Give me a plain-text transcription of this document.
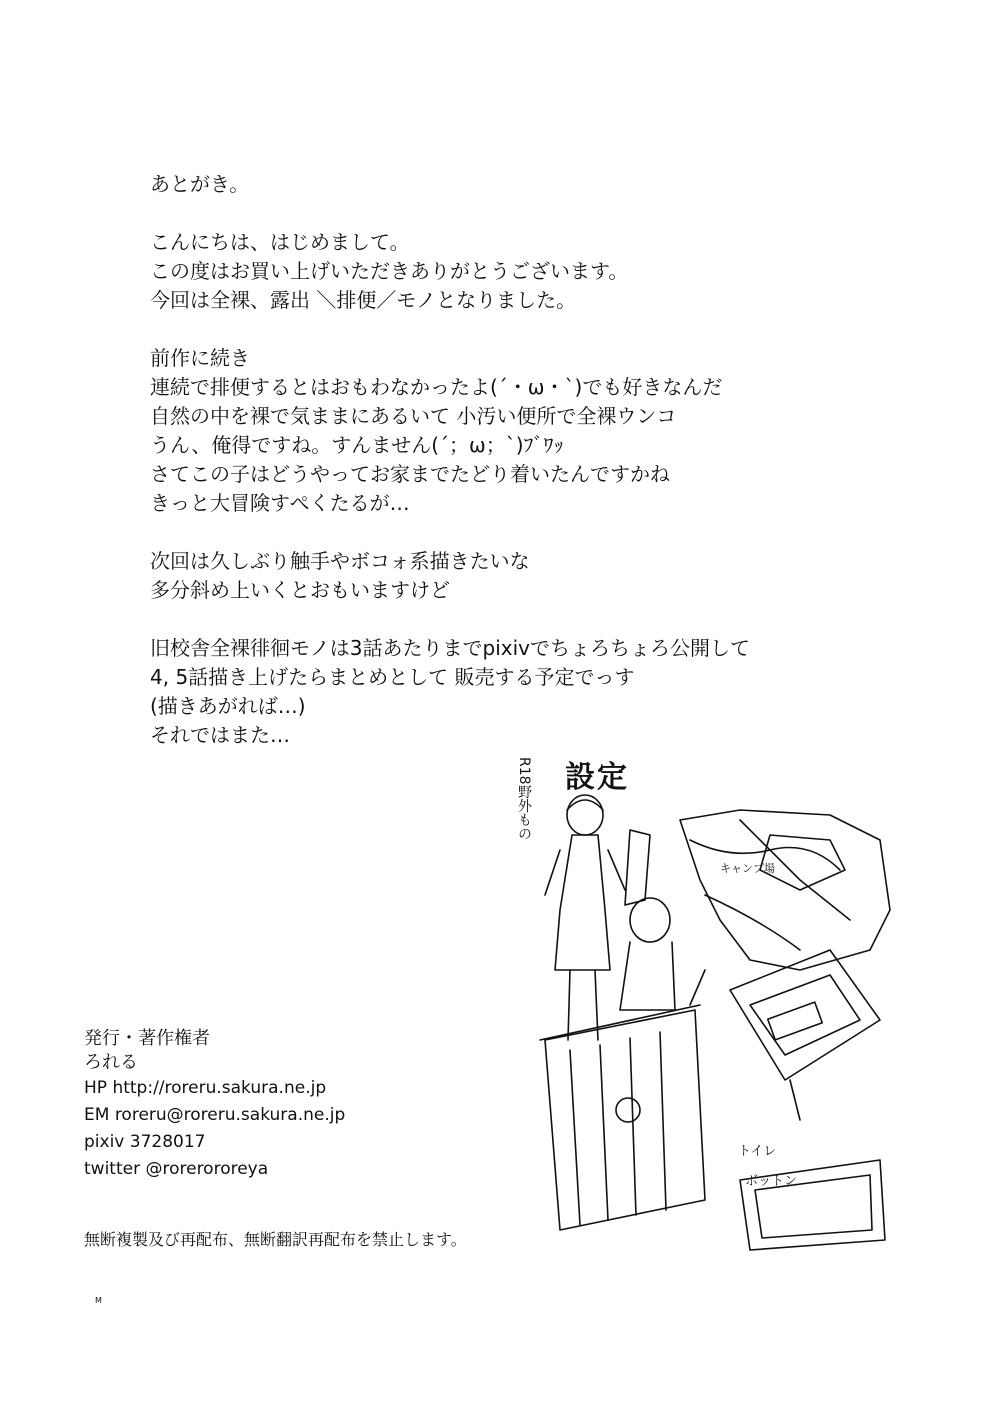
あとがき。
こんにちは、はじめまして。
この度はお買い上げいただきありがとうございます。
今回は全裸、露出 ＼排便／モノとなりました。
前作に続き
連続で排便するとはおもわなかったよ(´・ω・`)でも好きなんだ
自然の中を裸で気ままにあるいて 小汚い便所で全裸ウンコ
うん、俺得ですね。すんません(´；ω；`)ﾌﾞﾜｯ
さてこの子はどうやってお家までたどり着いたんですかね
きっと大冒険すぺくたるが…
次回は久しぶり触手やボコォ系描きたいな
多分斜め上いくとおもいますけど
旧校舎全裸徘徊モノは3話あたりまでpixivでちょろちょろ公開して
4, 5話描き上げたらまとめとして 販売する予定でっす
(描きあがれば…)
それではまた…
発行・著作権者
ろれる
HP http://roreru.sakura.ne.jp
EM roreru@roreru.sakura.ne.jp
pixiv 3728017
twitter @rorerororeya
無断複製及び再配布、無断翻訳再配布を禁止します。
M
設定
R18野外もの
キャンプ場
トイレ
ボットン
